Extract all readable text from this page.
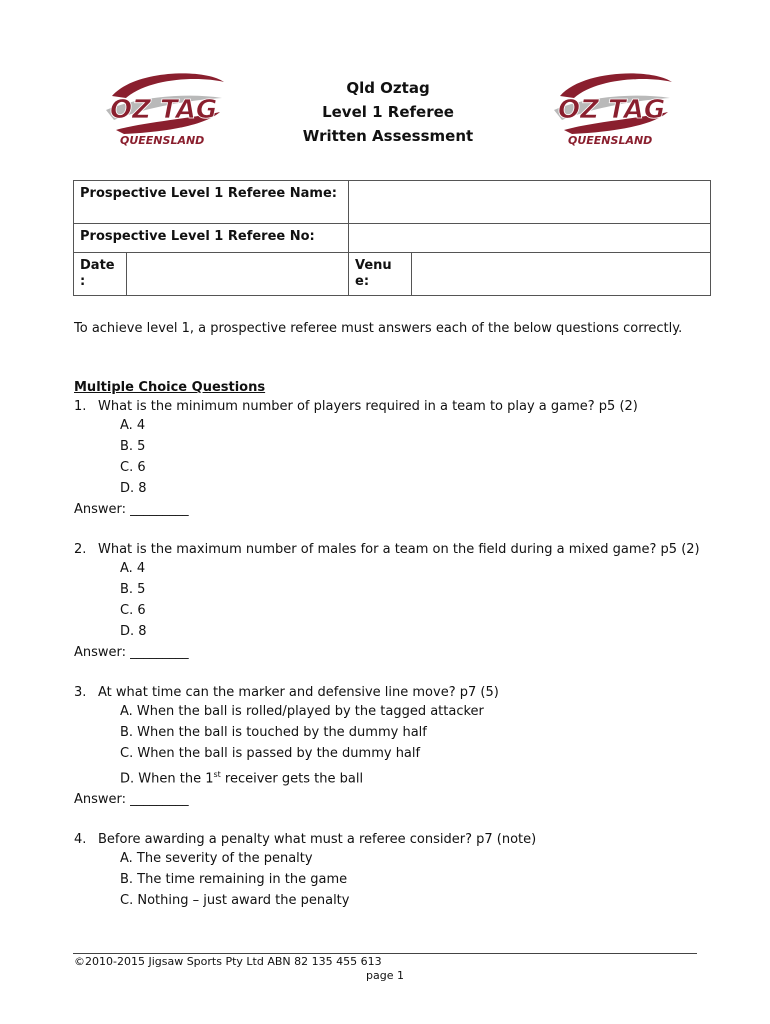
OZ TAG
QUEENSLAND
Qld Oztag
Level 1 Referee
Written Assessment
OZ TAG
QUEENSLAND
Prospective Level 1 Referee Name:			
Prospective Level 1 Referee No:			
Date :		Venu e:	
To achieve level 1, a prospective referee must answers each of the below questions correctly.
Multiple Choice Questions
1. What is the minimum number of players required in a team to play a game? p5 (2)
A. 4
B. 5
C. 6
D. 8
Answer: _________
2. What is the maximum number of males for a team on the field during a mixed game? p5 (2)
A. 4
B. 5
C. 6
D. 8
Answer: _________
3. At what time can the marker and defensive line move? p7 (5)
A. When the ball is rolled/played by the tagged attacker
B. When the ball is touched by the dummy half
C. When the ball is passed by the dummy half
D. When the 1st receiver gets the ball
Answer: _________
4. Before awarding a penalty what must a referee consider? p7 (note)
A. The severity of the penalty
B. The time remaining in the game
C. Nothing – just award the penalty
©2010-2015 Jigsaw Sports Pty Ltd ABN 82 135 455 613
page 1
